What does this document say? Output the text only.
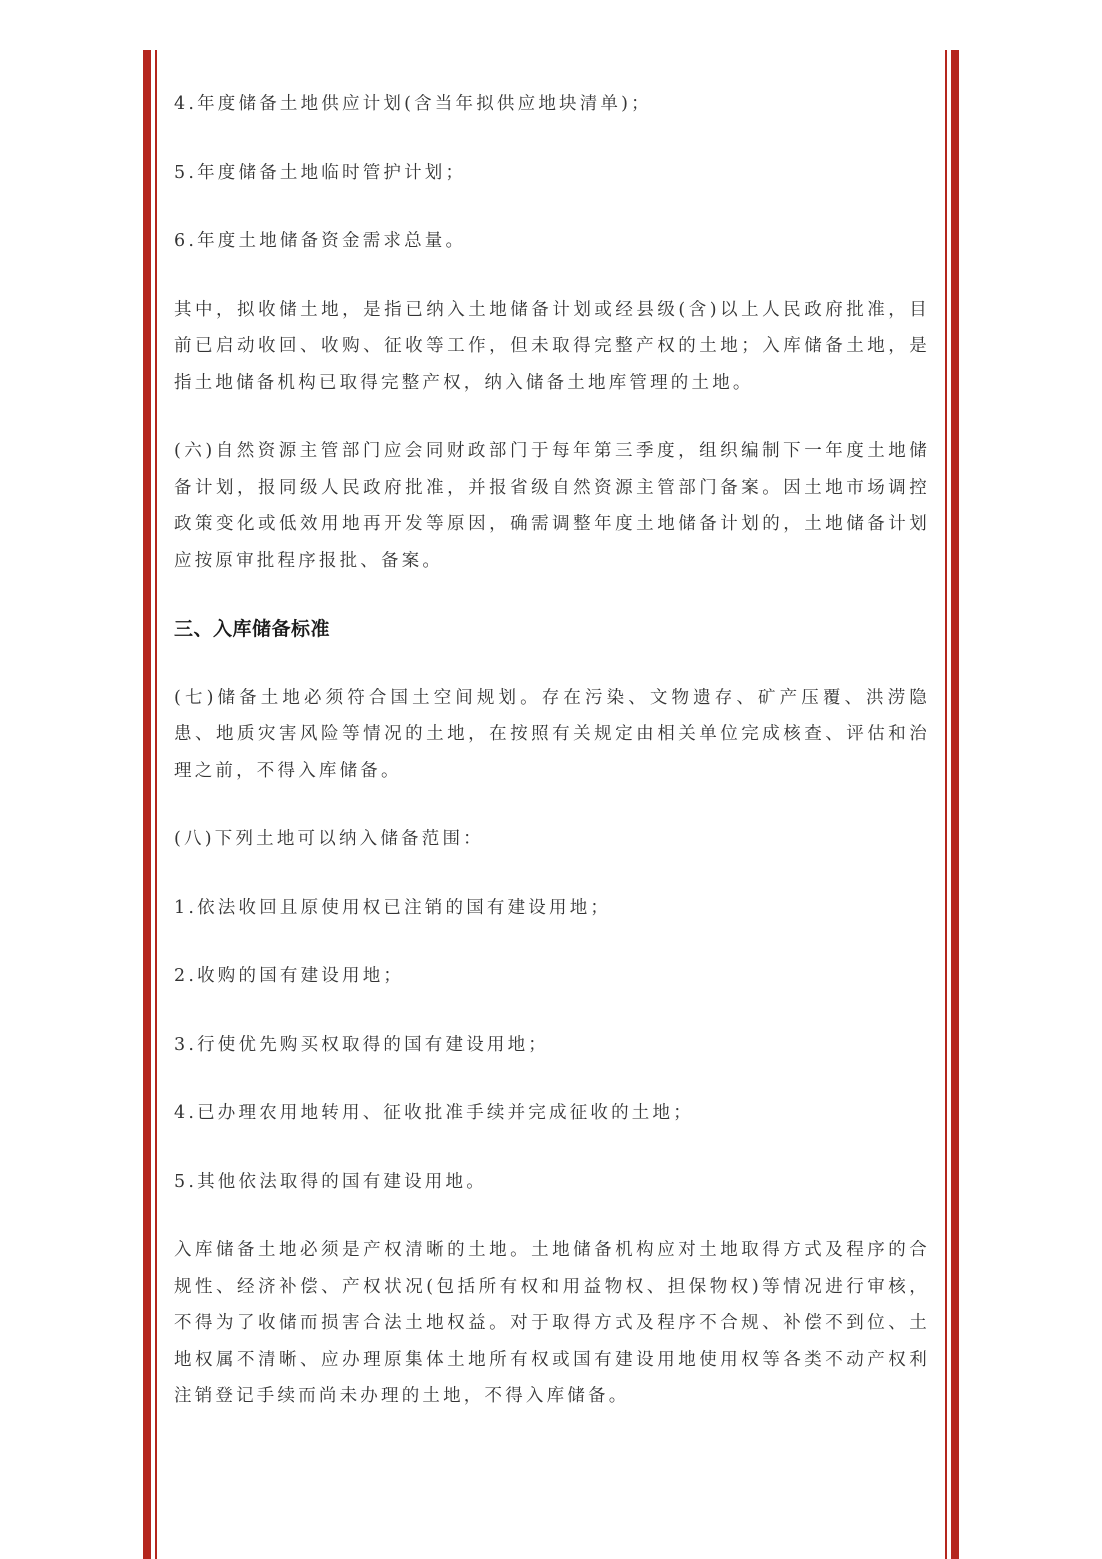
4.年度储备土地供应计划(含当年拟供应地块清单)；

5.年度储备土地临时管护计划；

6.年度土地储备资金需求总量。

其中，拟收储土地，是指已纳入土地储备计划或经县级(含)以上人民政府批准，目前已启动收回、收购、征收等工作，但未取得完整产权的土地；入库储备土地，是指土地储备机构已取得完整产权，纳入储备土地库管理的土地。

(六)自然资源主管部门应会同财政部门于每年第三季度，组织编制下一年度土地储备计划，报同级人民政府批准，并报省级自然资源主管部门备案。因土地市场调控政策变化或低效用地再开发等原因，确需调整年度土地储备计划的，土地储备计划应按原审批程序报批、备案。

三、入库储备标准

(七)储备土地必须符合国土空间规划。存在污染、文物遗存、矿产压覆、洪涝隐患、地质灾害风险等情况的土地，在按照有关规定由相关单位完成核查、评估和治理之前，不得入库储备。

(八)下列土地可以纳入储备范围：

1.依法收回且原使用权已注销的国有建设用地；

2.收购的国有建设用地；

3.行使优先购买权取得的国有建设用地；

4.已办理农用地转用、征收批准手续并完成征收的土地；

5.其他依法取得的国有建设用地。

入库储备土地必须是产权清晰的土地。土地储备机构应对土地取得方式及程序的合规性、经济补偿、产权状况(包括所有权和用益物权、担保物权)等情况进行审核，不得为了收储而损害合法土地权益。对于取得方式及程序不合规、补偿不到位、土地权属不清晰、应办理原集体土地所有权或国有建设用地使用权等各类不动产权利注销登记手续而尚未办理的土地，不得入库储备。
